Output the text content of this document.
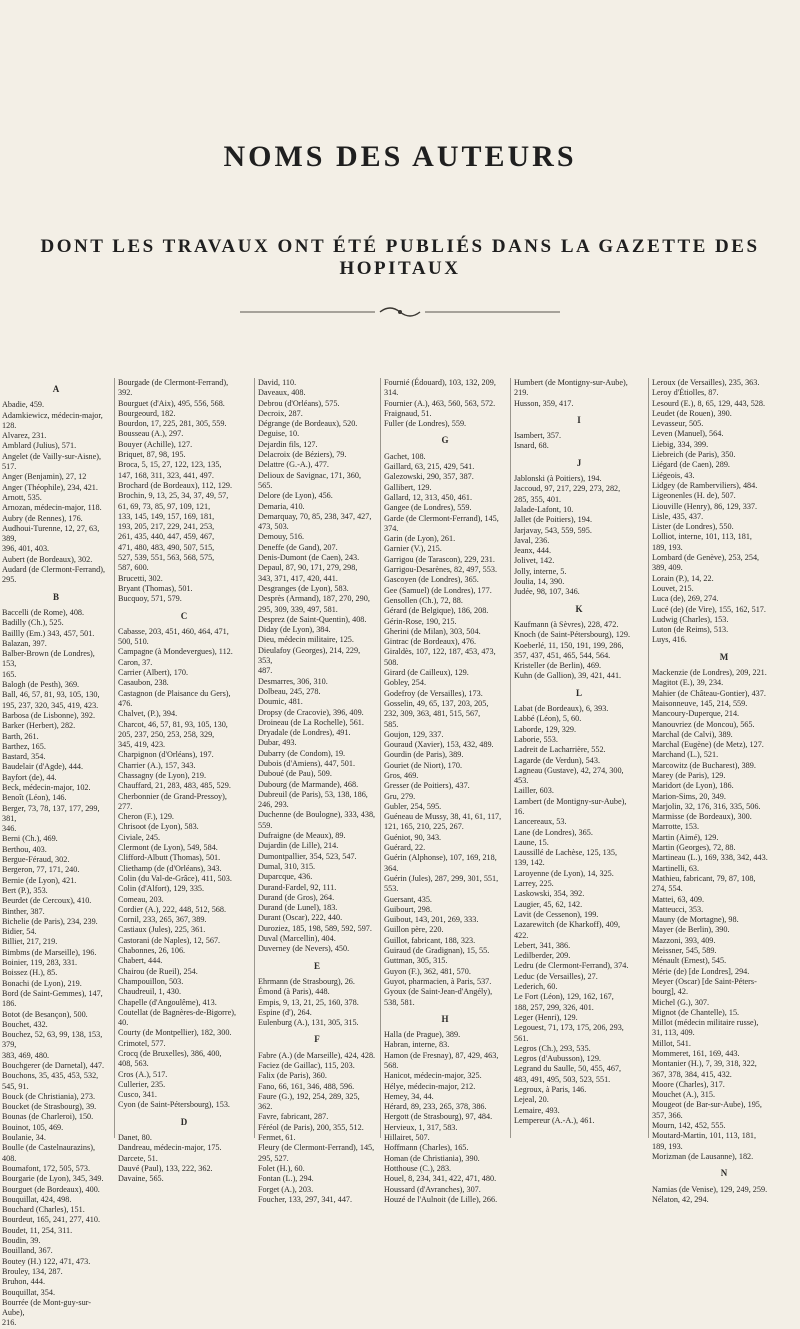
NOMS DES AUTEURS
DONT LES TRAVAUX ONT ÉTÉ PUBLIÉS DANS LA GAZETTE DES HOPITAUX
A
Abadie, 459.
Adamkiewicz, médecin-major, 128.
Alvarez, 231.
Amblard (Julius), 571.
Angelet (de Vailly-sur-Aisne), 517.
Anger (Benjamin), 27, 12
Anger (Théophile), 234, 421.
Arnott, 535.
Arnozan, médecin-major, 118.
Aubry (de Rennes), 176.
Audhoui-Turenne, 12, 27, 63, 389,
396, 401, 403.
Aubert (de Bordeaux), 302.
Audard (de Clermont-Ferrand), 295.
B
Baccelli (de Rome), 408.
Badilly (Ch.), 525.
Baillly (Em.) 343, 457, 501.
Balazan, 397.
Balber-Brown (de Londres), 153,
165.
Balogh (de Pesth), 369.
Ball, 46, 57, 81, 93, 105, 130,
195, 237, 320, 345, 419, 423.
Barbosa (de Lisbonne), 392.
Barker (Herbert), 282.
Barth, 261.
Barthez, 165.
Bastard, 354.
Baudelair (d'Agde), 444.
Bayfort (de), 44.
Beck, médecin-major, 102.
Benoît (Léon), 146.
Berger, 73, 78, 137, 177, 299, 381,
346.
Berni (Ch.), 469.
Berthou, 403.
Bergue-Féraud, 302.
Bergeron, 77, 171, 240.
Bernie (de Lyon), 421.
Bert (P.), 353.
Beurdet (de Cercoux), 410.
Binther, 387.
Bichelie (de Paris), 234, 239.
Bidier, 54.
Billiet, 217, 219.
Bimbms (de Marseille), 196.
Boinier, 119, 283, 331.
Boissez (H.), 85.
Bonachi (de Lyon), 219.
Bord (de Saint-Gemmes), 147,
186.
Botot (de Besançon), 500.
Bouchet, 432.
Bouchez, 52, 63, 99, 138, 153, 379,
383, 469, 480.
Bouchgerer (de Darnetal), 447.
Bouchons, 35, 435, 453, 532,
545, 91.
Bouck (de Christiania), 273.
Boucket (de Strasbourg), 39.
Bounas (de Charleroi), 150.
Bouinot, 105, 469.
Boulanie, 34.
Boulle (de Castelnaurazins), 408.
Boumafont, 172, 505, 573.
Bourgarie (de Lyon), 345, 349.
Bourguet (de Bordeaux), 400.
Bouquillat, 424, 498.
Bouchard (Charles), 151.
Bourdeut, 165, 241, 277, 410.
Boudet, 11, 254, 311.
Boudin, 39.
Bouilland, 367.
Boutey (H.) 122, 471, 473.
Brouley, 134, 287.
Bruhon, 444.
Bouquillat, 354.
Bourrée (de Mont-guy-sur-Aube),
216.
Bourgade (de Clermont-Ferrand),
392.
Bourguet (d'Aix), 495, 556, 568.
Bourgeourd, 182.
Bourdon, 17, 225, 281, 305, 559.
Bousseau (A.), 297.
Bouyer (Achille), 127.
Briquet, 87, 98, 195.
Broca, 5, 15, 27, 122, 123, 135,
147, 168, 311, 323, 441, 497.
Brochard (de Bordeaux), 112, 129.
Brochin, 9, 13, 25, 34, 37, 49, 57,
61, 69, 73, 85, 97, 109, 121,
133, 145, 149, 157, 169, 181,
193, 205, 217, 229, 241, 253,
261, 435, 440, 447, 459, 467,
471, 480, 483, 490, 507, 515,
527, 539, 551, 563, 568, 575,
587, 600.
Brucetti, 302.
Bryant (Thomas), 501.
Bucquoy, 571, 579.
C
Cabasse, 203, 451, 460, 464, 471,
500, 510.
Campagne (à Mondevergues), 112.
Caron, 37.
Carrier (Albert), 170.
Casaubon, 238.
Castagnon (de Plaisance du Gers),
476.
Chalvet, (P.), 394.
Charcot, 46, 57, 81, 93, 105, 130,
205, 237, 250, 253, 258, 329,
345, 419, 423.
Charpignon (d'Orléans), 197.
Charrier (A.), 157, 343.
Chassagny (de Lyon), 219.
Chauffard, 21, 283, 483, 485, 529.
Cherbonnier (de Grand-Pressoy),
277.
Cheron (F.), 129.
Chrisoot (de Lyon), 583.
Civiale, 245.
Clermont (de Lyon), 549, 584.
Clifford-Albutt (Thomas), 501.
Cliethamp (de (d'Orléans), 343.
Colin (du Val-de-Grâce), 411, 503.
Colin (d'Alfort), 129, 335.
Comeau, 203.
Cordier (A.), 222, 448, 512, 568.
Cornil, 233, 265, 367, 389.
Castiaux (Jules), 225, 361.
Castorani (de Naples), 12, 567.
Chabonnes, 26, 106.
Chabert, 444.
Chairou (de Rueil), 254.
Champouillon, 503.
Chaudreuil, 1, 430.
Chapelle (d'Angoulême), 413.
Coutellat (de Bagnères-de-Bigorre),
40.
Courty (de Montpellier), 182, 300.
Crimotel, 577.
Crocq (de Bruxelles), 386, 400,
408, 563.
Cros (A.), 517.
Cullerier, 235.
Cusco, 341.
Cyon (de Saint-Pétersbourg), 153.
D
Danet, 80.
Dandreau, médecin-major, 175.
Darcete, 51.
Dauvé (Paul), 133, 222, 362.
Davaine, 565.
David, 110.
Daveaux, 408.
Debrou (d'Orléans), 575.
Decroix, 287.
Dégrange (de Bordeaux), 520.
Deguise, 10.
Dejardin fils, 127.
Delacroix (de Béziers), 79.
Delattre (G.-A.), 477.
Delioux de Savignac, 171, 360,
565.
Delore (de Lyon), 456.
Demaria, 410.
Demarquay, 70, 85, 238, 347, 427,
473, 503.
Demouy, 516.
Deneffe (de Gand), 207.
Denis-Dumont (de Caen), 243.
Depaul, 87, 90, 171, 279, 298,
343, 371, 417, 420, 441.
Desgranges (de Lyon), 583.
Desprès (Armand), 187, 270, 290,
295, 309, 339, 497, 581.
Desprez (de Saint-Quentin), 408.
Diday (de Lyon), 384.
Dieu, médecin militaire, 125.
Dieulafoy (Georges), 214, 229, 353,
487.
Desmarres, 306, 310.
Dolbeau, 245, 278.
Doumic, 481.
Dropsy (de Cracovie), 396, 409.
Droineau (de La Rochelle), 561.
Dryadale (de Londres), 491.
Dubar, 493.
Dubarry (de Condom), 19.
Dubois (d'Amiens), 447, 501.
Duboué (de Pau), 509.
Dubourg (de Marmande), 468.
Dubreuil (de Paris), 53, 138, 186,
246, 293.
Duchenne (de Boulogne), 333, 438,
559.
Dufraigne (de Meaux), 89.
Dujardin (de Lille), 214.
Dumontpallier, 354, 523, 547.
Dumal, 310, 315.
Duparcque, 436.
Durand-Fardel, 92, 111.
Durand (de Gros), 264.
Durand (de Lunel), 183.
Durant (Oscar), 222, 440.
Duroziez, 185, 198, 589, 592, 597.
Duval (Marcellin), 404.
Duverney (de Nevers), 450.
E
Ehrmann (de Strasbourg), 26.
Émond (à Paris), 448.
Empis, 9, 13, 21, 25, 160, 378.
Espine (d'), 264.
Eulenburg (A.), 131, 305, 315.
F
Fabre (A.) (de Marseille), 424, 428.
Faciez (de Gaillac), 115, 203.
Falix (de Paris), 360.
Fano, 66, 161, 346, 488, 596.
Faure (G.), 192, 254, 289, 325,
362.
Favre, fabricant, 287.
Féréol (de Paris), 200, 355, 512.
Fermet, 61.
Fleury (de Clermont-Ferrand), 145,
295, 527.
Folet (H.), 60.
Fontan (L.), 294.
Forget (A.), 203.
Foucher, 133, 297, 341, 447.
Fournié (Édouard), 103, 132, 209,
314.
Fournier (A.), 463, 560, 563, 572.
Fraignaud, 51.
Fuller (de Londres), 559.
G
Gachet, 108.
Gaillard, 63, 215, 429, 541.
Galezowski, 290, 357, 387.
Gallibert, 129.
Gallard, 12, 313, 450, 461.
Gangee (de Londres), 559.
Garde (de Clermont-Ferrand), 145,
374.
Garin (de Lyon), 261.
Garnier (V.), 215.
Garrigou (de Tarascon), 229, 231.
Garrigou-Desarènes, 82, 497, 553.
Gascoyen (de Londres), 365.
Gee (Samuel) (de Londres), 177.
Gensollen (Ch.), 72, 88.
Gérard (de Belgique), 186, 208.
Gérin-Rose, 190, 215.
Gherini (de Milan), 303, 504.
Gintrac (de Bordeaux), 476.
Giraldès, 107, 122, 187, 453, 473,
508.
Girard (de Cailleux), 129.
Gobley, 254.
Godefroy (de Versailles), 173.
Gosselin, 49, 65, 137, 203, 205,
232, 309, 363, 481, 515, 567,
585.
Goujon, 129, 337.
Gouraud (Xavier), 153, 432, 489.
Gourdin (de Paris), 389.
Gouriet (de Niort), 170.
Gros, 469.
Gresser (de Poitiers), 437.
Gru, 279.
Gubler, 254, 595.
Guéneau de Mussy, 38, 41, 61, 117,
121, 165, 210, 225, 267.
Guéniot, 90, 343.
Guérard, 22.
Guérin (Alphonse), 107, 169, 218,
364.
Guérin (Jules), 287, 299, 301, 551,
553.
Guersant, 435.
Guibourt, 298.
Guibout, 143, 201, 269, 333.
Guillon père, 220.
Guillot, fabricant, 188, 323.
Guiraud (de Gradignan), 15, 55.
Guttman, 305, 315.
Guyon (F.), 362, 481, 570.
Guyot, pharmacien, à Paris, 537.
Gyoux (de Saint-Jean-d'Angély),
538, 581.
H
Halla (de Prague), 389.
Habran, interne, 83.
Hamon (de Fresnay), 87, 429, 463,
568.
Hanicot, médecin-major, 325.
Hélye, médecin-major, 212.
Hemey, 34, 44.
Hérard, 89, 233, 265, 378, 386.
Hergott (de Strasbourg), 97, 484.
Hervieux, 1, 317, 583.
Hillairet, 507.
Hoffmann (Charles), 165.
Homan (de Christiania), 390.
Hotthouse (C.), 283.
Houel, 8, 234, 341, 422, 471, 480.
Houssard (d'Avranches), 307.
Houzé de l'Aulnoit (de Lille), 266.
Humbert (de Montigny-sur-Aube),
219.
Husson, 359, 417.
I
Isambert, 357.
Isnard, 68.
J
Jablonski (à Poitiers), 194.
Jaccoud, 97, 217, 229, 273, 282,
285, 355, 401.
Jalade-Lafont, 10.
Jallet (de Poitiers), 194.
Jarjavay, 543, 559, 595.
Javal, 236.
Jeanx, 444.
Jolivet, 142.
Jolly, interne, 5.
Joulia, 14, 390.
Judée, 98, 107, 346.
K
Kaufmann (à Sèvres), 228, 472.
Knoch (de Saint-Pétersbourg), 129.
Koeberlé, 11, 150, 191, 199, 286,
357, 437, 451, 465, 544, 564.
Kristeller (de Berlin), 469.
Kuhn (de Gallion), 39, 421, 441.
L
Labat (de Bordeaux), 6, 393.
Labbé (Léon), 5, 60.
Laborde, 129, 329.
Laborie, 553.
Ladreit de Lacharrière, 552.
Lagarde (de Verdun), 543.
Lagneau (Gustave), 42, 274, 300,
453.
Lailler, 603.
Lambert (de Montigny-sur-Aube),
16.
Lancereaux, 53.
Lane (de Londres), 365.
Laune, 15.
Laussillé de Lachèse, 125, 135,
139, 142.
Laroyenne (de Lyon), 14, 325.
Larrey, 225.
Laskowski, 354, 392.
Laugier, 45, 62, 142.
Lavit (de Cessenon), 199.
Lazarewitch (de Kharkoff), 409,
422.
Lebert, 341, 386.
Ledilberder, 209.
Ledru (de Clermont-Ferrand), 374.
Leduc (de Versailles), 27.
Lederich, 60.
Le Fort (Léon), 129, 162, 167,
188, 257, 299, 326, 401.
Leger (Henri), 129.
Legouest, 71, 173, 175, 206, 293,
561.
Legros (Ch.), 293, 535.
Legros (d'Aubusson), 129.
Legrand du Saulle, 50, 455, 467,
483, 491, 495, 503, 523, 551.
Legroux, à Paris, 146.
Lejeal, 20.
Lemaire, 493.
Lempereur (A.-A.), 461.
Leroux (de Versailles), 235, 363.
Leroy d'Étiolles, 87.
Lesourd (E.), 8, 65, 129, 443, 528.
Leudet (de Rouen), 390.
Levasseur, 505.
Leven (Manuel), 564.
Liebig, 334, 399.
Liebreich (de Paris), 350.
Liégard (de Caen), 289.
Liégeois, 43.
Lidgey (de Ramberviliers), 484.
Ligeonenles (H. de), 507.
Liouville (Henry), 86, 129, 337.
Lisle, 435, 437.
Lister (de Londres), 550.
Lolliot, interne, 101, 113, 181,
189, 193.
Lombard (de Genève), 253, 254,
389, 409.
Lorain (P.), 14, 22.
Louvet, 215.
Luca (de), 269, 274.
Lucé (de) (de Vire), 155, 162, 517.
Ludwig (Charles), 153.
Luton (de Reims), 513.
Luys, 416.
M
Mackenzie (de Londres), 209, 221.
Magitot (E.), 39, 234.
Mahier (de Château-Gontier), 437.
Maisonneuve, 145, 214, 559.
Mancoury-Duperque, 214.
Manouvriez (de Moncou), 565.
Marchal (de Calvi), 389.
Marchal (Eugène) (de Metz), 127.
Marchand (L.), 521.
Marcowitz (de Bucharest), 389.
Marey (de Paris), 129.
Maridort (de Lyon), 186.
Marion-Sims, 20, 349.
Marjolin, 32, 176, 316, 335, 506.
Marmisse (de Bordeaux), 300.
Marrotte, 153.
Martin (Aimé), 129.
Martin (Georges), 72, 88.
Martineau (L.), 169, 338, 342, 443.
Martinelli, 63.
Mathieu, fabricant, 79, 87, 108,
274, 554.
Mattei, 63, 409.
Matteucci, 353.
Mauny (de Mortagne), 98.
Mayer (de Berlin), 390.
Mazzoni, 393, 409.
Meissner, 545, 589.
Ménault (Ernest), 545.
Mérie (de) [de Londres], 294.
Meyer (Oscar) [de Saint-Péters-
bourg], 42.
Michel (G.), 307.
Mignot (de Chantelle), 15.
Millot (médecin militaire russe),
31, 113, 409.
Millot, 541.
Mommeret, 161, 169, 443.
Montanier (H.), 7, 39, 318, 322,
367, 378, 384, 415, 432.
Moore (Charles), 317.
Mouchet (A.), 315.
Mougeot (de Bar-sur-Aube), 195,
357, 366.
Mourn, 142, 452, 555.
Moutard-Martin, 101, 113, 181,
189, 193.
Morizman (de Lausanne), 182.
N
Namias (de Venise), 129, 249, 259.
Nélaton, 42, 294.
